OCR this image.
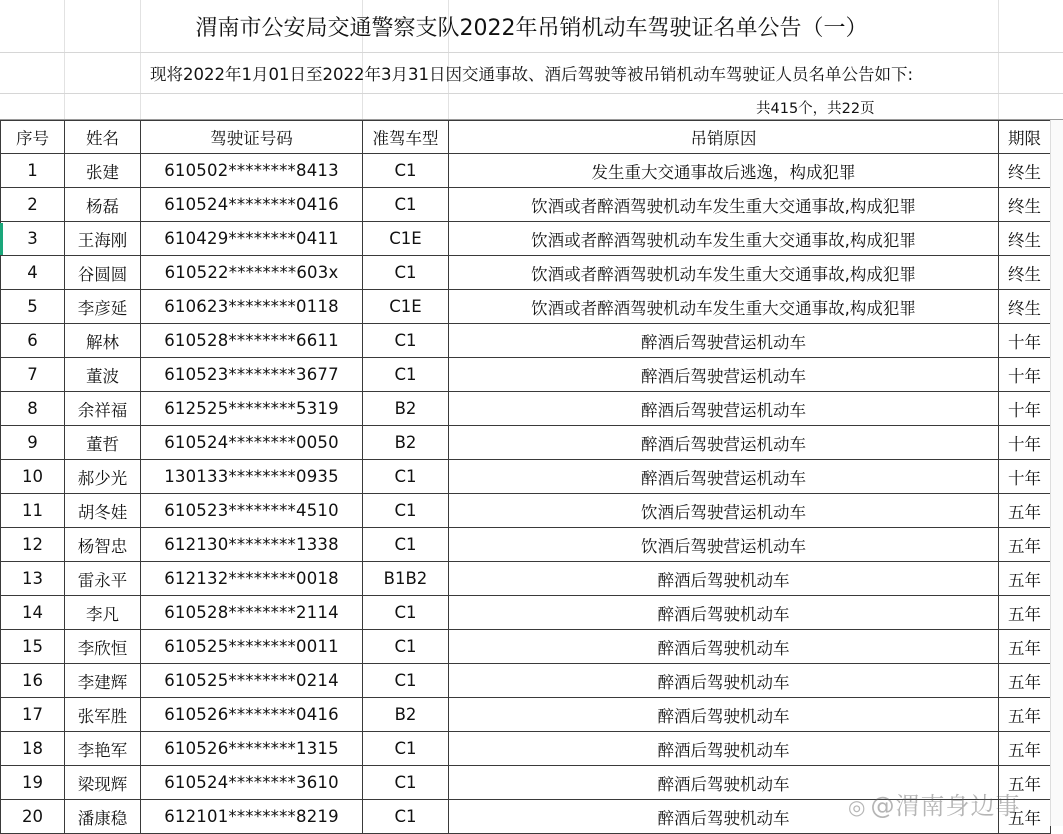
渭南市公安局交通警察支队2022年吊销机动车驾驶证名单公告（一）
现将2022年1月01日至2022年3月31日因交通事故、酒后驾驶等被吊销机动车驾驶证人员名单公告如下:
共415个，共22页
序号	姓名	驾驶证号码	准驾车型	吊销原因	期限
1	张建	610502********8413	C1	发生重大交通事故后逃逸，构成犯罪	终生
2	杨磊	610524********0416	C1	饮酒或者醉酒驾驶机动车发生重大交通事故,构成犯罪	终生
3	王海刚	610429********0411	C1E	饮酒或者醉酒驾驶机动车发生重大交通事故,构成犯罪	终生
4	谷圆圆	610522********603x	C1	饮酒或者醉酒驾驶机动车发生重大交通事故,构成犯罪	终生
5	李彦延	610623********0118	C1E	饮酒或者醉酒驾驶机动车发生重大交通事故,构成犯罪	终生
6	解林	610528********6611	C1	醉酒后驾驶营运机动车	十年
7	董波	610523********3677	C1	醉酒后驾驶营运机动车	十年
8	余祥福	612525********5319	B2	醉酒后驾驶营运机动车	十年
9	董哲	610524********0050	B2	醉酒后驾驶营运机动车	十年
10	郝少光	130133********0935	C1	醉酒后驾驶营运机动车	十年
11	胡冬娃	610523********4510	C1	饮酒后驾驶营运机动车	五年
12	杨智忠	612130********1338	C1	饮酒后驾驶营运机动车	五年
13	雷永平	612132********0018	B1B2	醉酒后驾驶机动车	五年
14	李凡	610528********2114	C1	醉酒后驾驶机动车	五年
15	李欣恒	610525********0011	C1	醉酒后驾驶机动车	五年
16	李建辉	610525********0214	C1	醉酒后驾驶机动车	五年
17	张军胜	610526********0416	B2	醉酒后驾驶机动车	五年
18	李艳军	610526********1315	C1	醉酒后驾驶机动车	五年
19	梁现辉	610524********3610	C1	醉酒后驾驶机动车	五年
20	潘康稳	612101********8219	C1	醉酒后驾驶机动车	五年
◎ @渭南身边事
